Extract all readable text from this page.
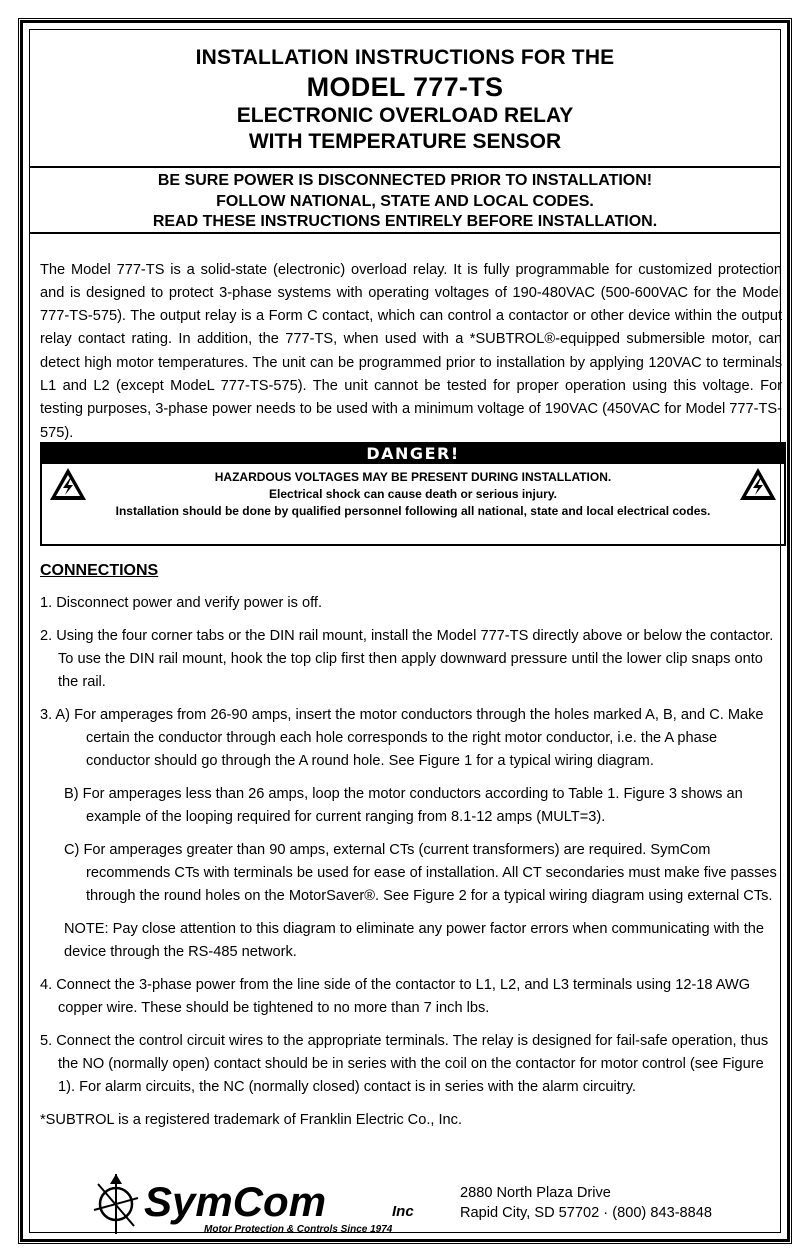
INSTALLATION INSTRUCTIONS FOR THE
MODEL 777-TS
ELECTRONIC OVERLOAD RELAY
WITH TEMPERATURE SENSOR
BE SURE POWER IS DISCONNECTED PRIOR TO INSTALLATION!
FOLLOW NATIONAL, STATE AND LOCAL CODES.
READ THESE INSTRUCTIONS ENTIRELY BEFORE INSTALLATION.

The Model 777-TS is a solid-state (electronic) overload relay. It is fully programmable for customized protection and is designed to protect 3-phase systems with operating voltages of 190-480VAC (500-600VAC for the Model 777-TS-575). The output relay is a Form C contact, which can control a contactor or other device within the output relay contact rating. In addition, the 777-TS, when used with a *SUBTROL®-equipped submersible motor, can detect high motor temperatures. The unit can be programmed prior to installation by applying 120VAC to terminals L1 and L2 (except ModeL 777-TS-575). The unit cannot be tested for proper operation using this voltage. For testing purposes, 3-phase power needs to be used with a minimum voltage of 190VAC (450VAC for Model 777-TS-575).

DANGER!
HAZARDOUS VOLTAGES MAY BE PRESENT DURING INSTALLATION.
Electrical shock can cause death or serious injury.
Installation should be done by qualified personnel following all national, state and local electrical codes.
CONNECTIONS

1. Disconnect power and verify power is off.

2. Using the four corner tabs or the DIN rail mount, install the Model 777-TS directly above or below the contactor. To use the DIN rail mount, hook the top clip first then apply downward pressure until the lower clip snaps onto the rail.

3. A) For amperages from 26-90 amps, insert the motor conductors through the holes marked A, B, and C. Make certain the conductor through each hole corresponds to the right motor conductor, i.e. the A phase conductor should go through the A round hole. See Figure 1 for a typical wiring diagram.

B) For amperages less than 26 amps, loop the motor conductors according to Table 1. Figure 3 shows an example of the looping required for current ranging from 8.1-12 amps (MULT=3).

C) For amperages greater than 90 amps, external CTs (current transformers) are required. SymCom recommends CTs with terminals be used for ease of installation. All CT secondaries must make five passes through the round holes on the MotorSaver®. See Figure 2 for a typical wiring diagram using external CTs.

NOTE: Pay close attention to this diagram to eliminate any power factor errors when communicating with the device through the RS-485 network.

4. Connect the 3-phase power from the line side of the contactor to L1, L2, and L3 terminals using 12-18 AWG copper wire. These should be tightened to no more than 7 inch lbs.

5. Connect the control circuit wires to the appropriate terminals. The relay is designed for fail-safe operation, thus the NO (normally open) contact should be in series with the coil on the contactor for motor control (see Figure 1). For alarm circuits, the NC (normally closed) contact is in series with the alarm circuitry.

*SUBTROL is a registered trademark of Franklin Electric Co., Inc.

SymCom	Inc
Motor Protection & Controls Since 1974
2880 North Plaza Drive
Rapid City, SD 57702 · (800) 843-8848
